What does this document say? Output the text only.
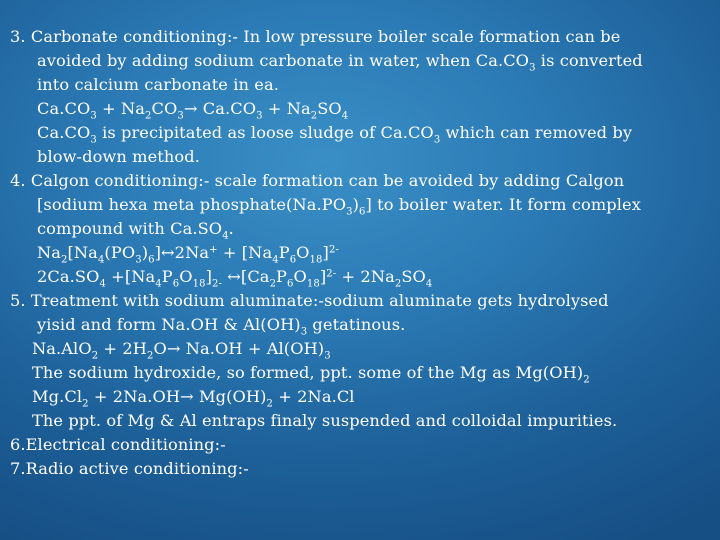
3. Carbonate conditioning:- In low pressure boiler scale formation can be
avoided by adding sodium carbonate in water, when $Ca.CO_3$ is converted
into calcium carbonate in ea.
$Ca.CO_3 + Na_2CO_3\to Ca.CO_3 + Na_2SO_4$
$Ca.CO_3$ is precipitated as loose sludge of $Ca.CO_3$ which can removed by
blow-down method.
4. Calgon conditioning:- scale formation can be avoided by adding Calgon
[sodium hexa meta $phosphate(Na.PO_3)_6$] to boiler water. It form complex
compound with $Ca.SO_4$.
$Na_2[Na_4(PO_3)_6]\leftrightarrow 2Na^+ + [Na_4P_6O_{18}]^{2-}$
$2Ca.SO_4 +[Na_4P_6O_{18}]_{2-}$ $\leftrightarrow[Ca_2P_6O_{18}]^{2-} + 2Na_2SO_4$
5. Treatment with sodium aluminate:-sodium aluminate gets hydrolysed
yisid and form Na.OH & $Al(OH)_3$ getatinous.
$Na.AlO_2 + 2H_2O\to Na.OH + Al(OH)_3$
The sodium hydroxide, so formed, ppt. some of the Mg as $Mg(OH)_2$
$Mg.Cl_2 + 2Na.OH\to Mg(OH)_2 + 2Na.Cl$
The ppt. of Mg & Al entraps finaly suspended and colloidal impurities.
6.Electrical conditioning:-
7.Radio active conditioning:-
